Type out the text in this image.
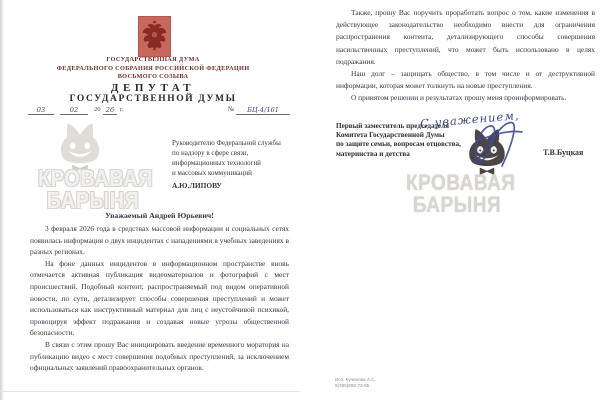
ГОСУДАРСТВЕННАЯ ДУМА
ФЕДЕРАЛЬНОГО СОБРАНИЯ РОССИЙСКОЙ ФЕДЕРАЦИИ
ВОСЬМОГО СОЗЫВА
ДЕПУТАТ
ГОСУДАРСТВЕННОЙ ДУМЫ
03	02	20 26 г.	№	БЦ-4/161
КРОВАВАЯ
БАРЫНЯ
Руководителю Федеральной службы
по надзору в сфере связи,
информационных технологий
и массовых коммуникаций
А.Ю.ЛИПОВУ
Уважаемый Андрей Юрьевич!

3 февраля 2026 года в средствах массовой информации и социальных сетях появилась информация о двух инцидентах с нападениями в учебных заведениях в разных регионах.

На фоне данных инцидентов в информационном пространстве вновь отмечается активная публикация видеоматериалов и фотографий с мест происшествий. Подобный контент, распространяемый под видом оперативной новости, по сути, детализирует способы совершения преступлений и может использоваться как инструктивный материал для лиц с неустойчивой психикой, провоцируя эффект подражания и создавая новые угрозы общественной безопасности.

В связи с этим прошу Вас инициировать введение временного моратория на публикацию видео с мест совершения подобных преступлений, за исключением официальных заявлений правоохранительных органов.

Также, прошу Вас поручить проработать вопрос о том, какие изменения в действующее законодательство необходимо внести для ограничения распространения контента, детализирующего способы совершения насильственных преступлений, что может быть использовано в целях подражания.

Наш долг – защищать общество, в том числе и от деструктивной информации, которая может толкнуть на новые преступления.

О принятом решении и результатах прошу меня проинформировать.

КРОВАВАЯ
БАРЫНЯ
С уважением,
Первый заместитель председателя
Комитета Государственной Думы
по защите семьи, вопросам отцовства,
материнства и детства	Т.В.Буцкая
Исп. Кучинова А.С.
8(495)692-73-95
